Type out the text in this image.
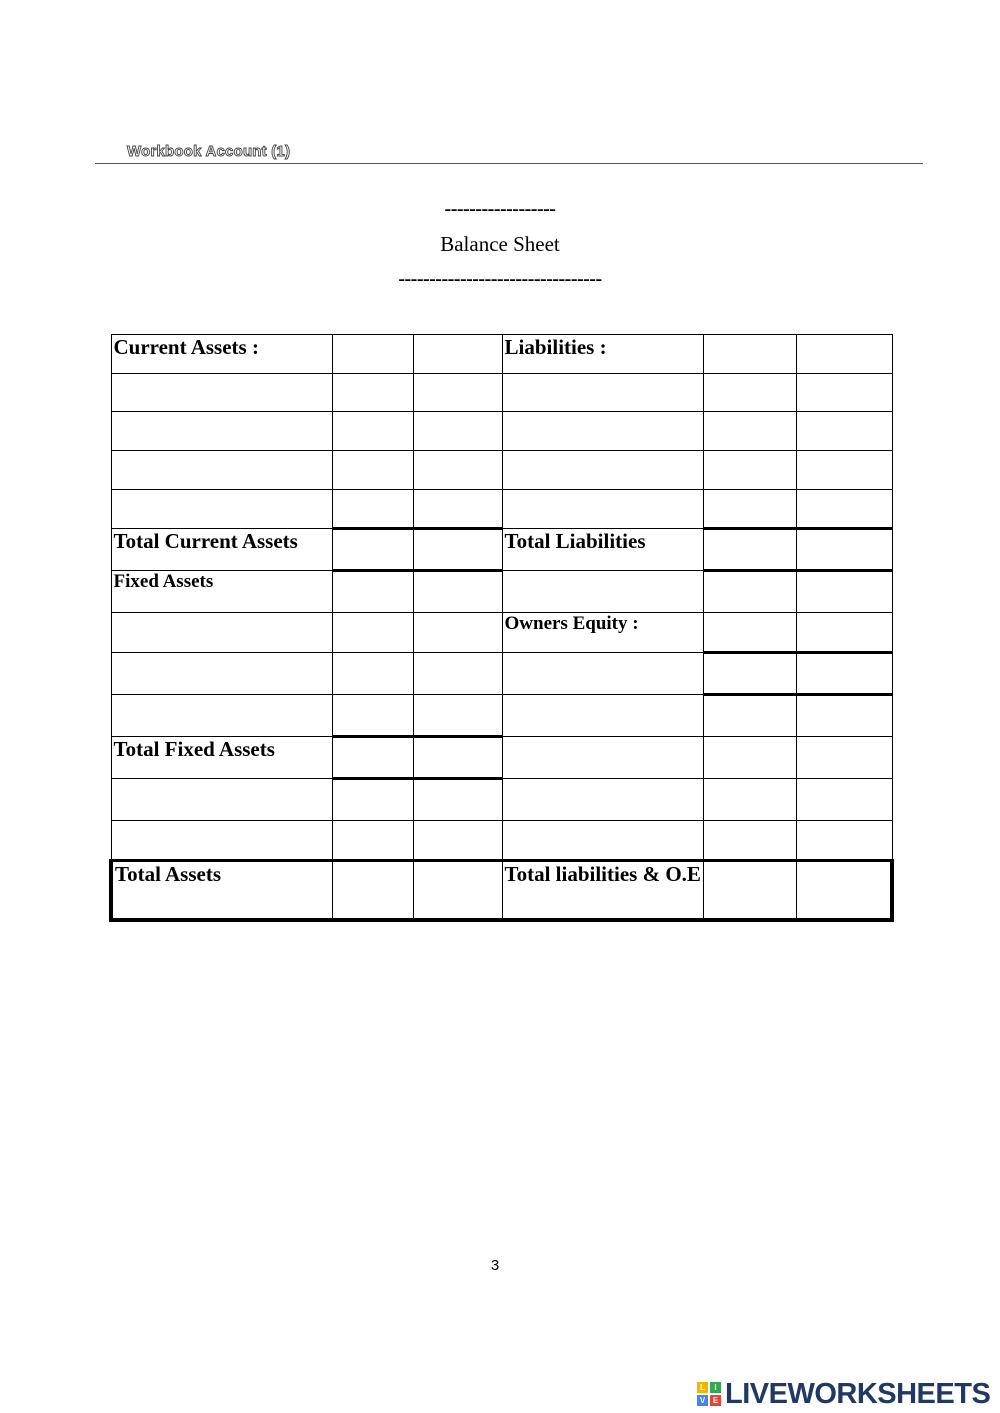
Workbook Account (1)
------------------
Balance Sheet
---------------------------------
Current Assets :			Liabilities :		

Total Current Assets			Total Liabilities		
Fixed Assets					
			Owners Equity :		

Total Fixed Assets					

Total Assets			Total liabilities & O.E		
3
L	I
V E LIVEWORKSHEETS
